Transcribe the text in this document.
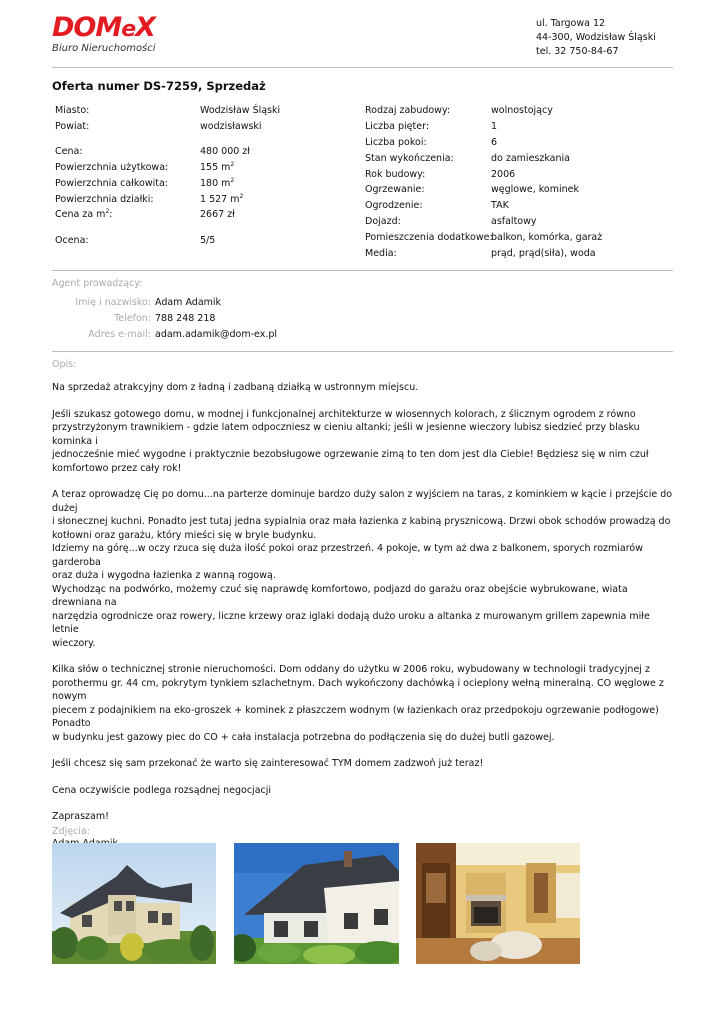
DOMeX
Biuro Nieruchomości
ul. Targowa 12
44-300, Wodzisław Śląski
tel. 32 750-84-67
Oferta numer DS-7259, Sprzedaż
Miasto:	Wodzisław Śląski
Powiat:	wodzisławski
Cena:	480 000 zł
Powierzchnia użytkowa:	155 $m^2$
Powierzchnia całkowita:	180 $m^2$
Powierzchnia działki:	1 527 $m^2$
Cena za $m^2$:	2667 zł
Ocena:	5/5
Rodzaj zabudowy:	wolnostojący
Liczba pięter:	1
Liczba pokoi:	6
Stan wykończenia:	do zamieszkania
Rok budowy:	2006
Ogrzewanie:	węglowe, kominek
Ogrodzenie:	TAK
Dojazd:	asfaltowy
Pomieszczenia dodatkowe:
balkon, komórka, garaż
Media:	prąd, prąd(siła), woda
Agent prowadzący:
Imię i nazwisko: Adam Adamik
Telefon: 788 248 218
Adres e-mail: adam.adamik@dom-ex.pl
Opis:

Na sprzedaż atrakcyjny dom z ładną i zadbaną działką w ustronnym miejscu.

Jeśli szukasz gotowego domu, w modnej i funkcjonalnej architekturze w wiosennych kolorach, z ślicznym ogrodem z równo
przystrzyżonym trawnikiem - gdzie latem odpoczniesz w cieniu altanki; jeśli w jesienne wieczory lubisz siedzieć przy blasku kominka i
jednocześnie mieć wygodne i praktycznie bezobsługowe ogrzewanie zimą to ten dom jest dla Ciebie! Będziesz się w nim czuł
komfortowo przez cały rok!

A teraz oprowadzę Cię po domu...na parterze dominuje bardzo duży salon z wyjściem na taras, z kominkiem w kącie i przejście do dużej
i słonecznej kuchni. Ponadto jest tutaj jedna sypialnia oraz mała łazienka z kabiną prysznicową. Drzwi obok schodów prowadzą do
kotłowni oraz garażu, który mieści się w bryle budynku.
Idziemy na górę...w oczy rzuca się duża ilość pokoi oraz przestrzeń. 4 pokoje, w tym aż dwa z balkonem, sporych rozmiarów garderoba
oraz duża i wygodna łazienka z wanną rogową.
Wychodząc na podwórko, możemy czuć się naprawdę komfortowo, podjazd do garażu oraz obejście wybrukowane, wiata drewniana na
narzędzia ogrodnicze oraz rowery, liczne krzewy oraz iglaki dodają dużo uroku a altanka z murowanym grillem zapewnia miłe letnie
wieczory.

Kilka słów o technicznej stronie nieruchomości. Dom oddany do użytku w 2006 roku, wybudowany w technologii tradycyjnej z
porothermu gr. 44 cm, pokrytym tynkiem szlachetnym. Dach wykończony dachówką i ocieplony wełną mineralną. CO węglowe z nowym
piecem z podajnikiem na eko-groszek + kominek z płaszczem wodnym (w łazienkach oraz przedpokoju ogrzewanie podłogowe) Ponadto
w budynku jest gazowy piec do CO + cała instalacja potrzebna do podłączenia się do dużej butli gazowej.

Jeśli chcesz się sam przekonać że warto się zainteresować TYM domem zadzwoń już teraz!

Cena oczywiście podlega rozsądnej negocjacji

Zapraszam!

Zdjęcia:
